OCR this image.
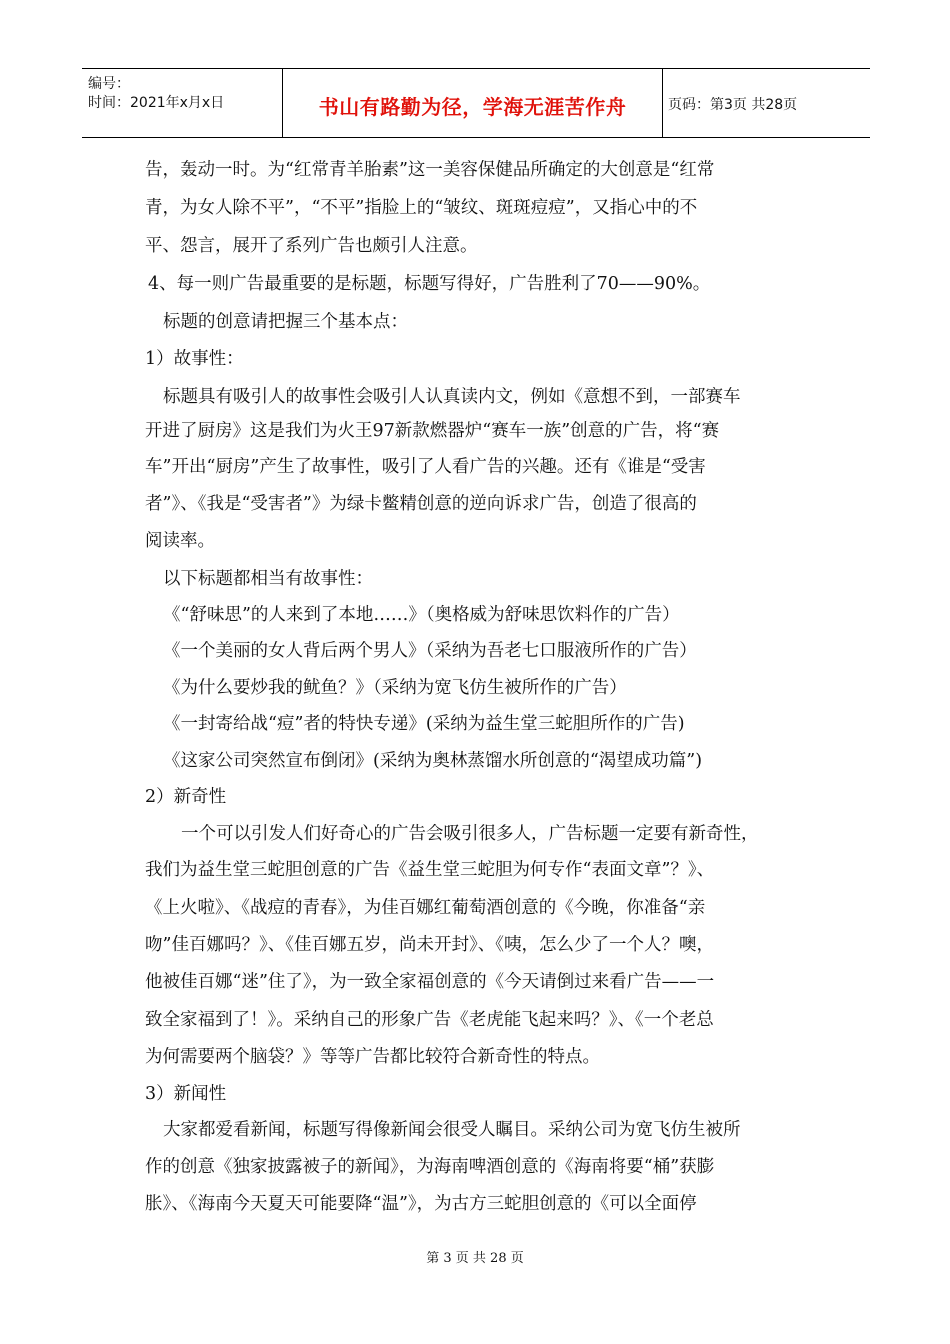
编号：
时间：2021年x月x日	书山有路勤为径，学海无涯苦作舟	页码：第3页 共28页

告，轰动一时。为“红常青羊胎素”这一美容保健品所确定的大创意是“红常

青，为女人除不平”，“不平”指脸上的“皱纹、斑斑痘痘”，又指心中的不

平、怨言，展开了系列广告也颇引人注意。

4、每一则广告最重要的是标题，标题写得好，广告胜利了70——90%。

标题的创意请把握三个基本点：

1）故事性：

标题具有吸引人的故事性会吸引人认真读内文，例如《意想不到，一部赛车

开进了厨房》这是我们为火王97新款燃器炉“赛车一族”创意的广告，将“赛

车”开出“厨房”产生了故事性，吸引了人看广告的兴趣。还有《谁是“受害

者”》、《我是“受害者”》为绿卡鳖精创意的逆向诉求广告，创造了很高的

阅读率。

以下标题都相当有故事性：

《“舒味思”的人来到了本地……》（奥格威为舒味思饮料作的广告）

《一个美丽的女人背后两个男人》（采纳为吾老七口服液所作的广告）

《为什么要炒我的鱿鱼？》（采纳为宽飞仿生被所作的广告）

《一封寄给战“痘”者的特快专递》(采纳为益生堂三蛇胆所作的广告)

《这家公司突然宣布倒闭》(采纳为奥林蒸馏水所创意的“渴望成功篇”)

2）新奇性

一个可以引发人们好奇心的广告会吸引很多人，广告标题一定要有新奇性，

我们为益生堂三蛇胆创意的广告《益生堂三蛇胆为何专作“表面文章”？》、

《上火啦》、《战痘的青春》，为佳百娜红葡萄酒创意的《今晚，你准备“亲

吻”佳百娜吗？》、《佳百娜五岁，尚未开封》、《咦，怎么少了一个人？噢，

他被佳百娜“迷”住了》，为一致全家福创意的《今天请倒过来看广告——一

致全家福到了！》。采纳自己的形象广告《老虎能飞起来吗？》、《一个老总

为何需要两个脑袋？》等等广告都比较符合新奇性的特点。

3）新闻性

大家都爱看新闻，标题写得像新闻会很受人瞩目。采纳公司为宽飞仿生被所

作的创意《独家披露被子的新闻》，为海南啤酒创意的《海南将要“桶”获膨

胀》、《海南今天夏天可能要降“温”》，为古方三蛇胆创意的《可以全面停

第 3 页 共 28 页
